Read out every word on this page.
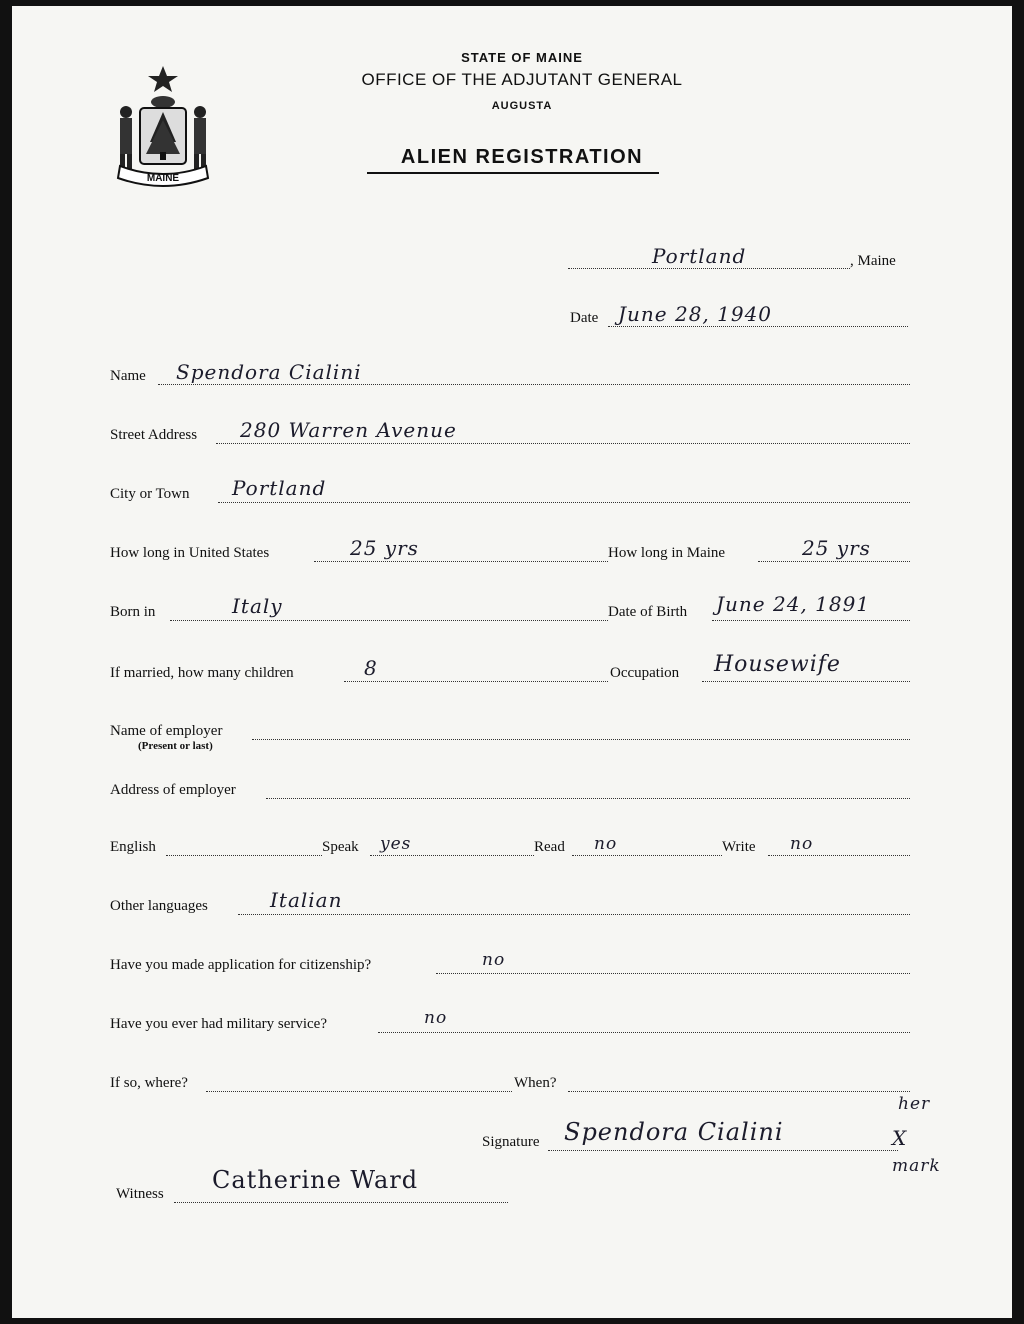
MAINE
STATE OF MAINE
OFFICE OF THE ADJUTANT GENERAL
AUGUSTA
ALIEN REGISTRATION
Portland	, Maine
Date June 28, 1940
Name Spendora Cialini
Street Address 280 Warren Avenue
City or Town Portland
How long in United States	25 yrs	How long in Maine	25 yrs
Born in	Italy	Date of Birth June 24, 1891
If married, how many children	8	Occupation Housewife
Name of employer
(Present or last)
Address of employer
English	Speak yes	Read no	Write no
Other languages	Italian
Have you made application for citizenship?	no
Have you ever had military service?	no
If so, where?	When?
Signature Spendora Cialini
her
X
mark
Witness Catherine Ward
